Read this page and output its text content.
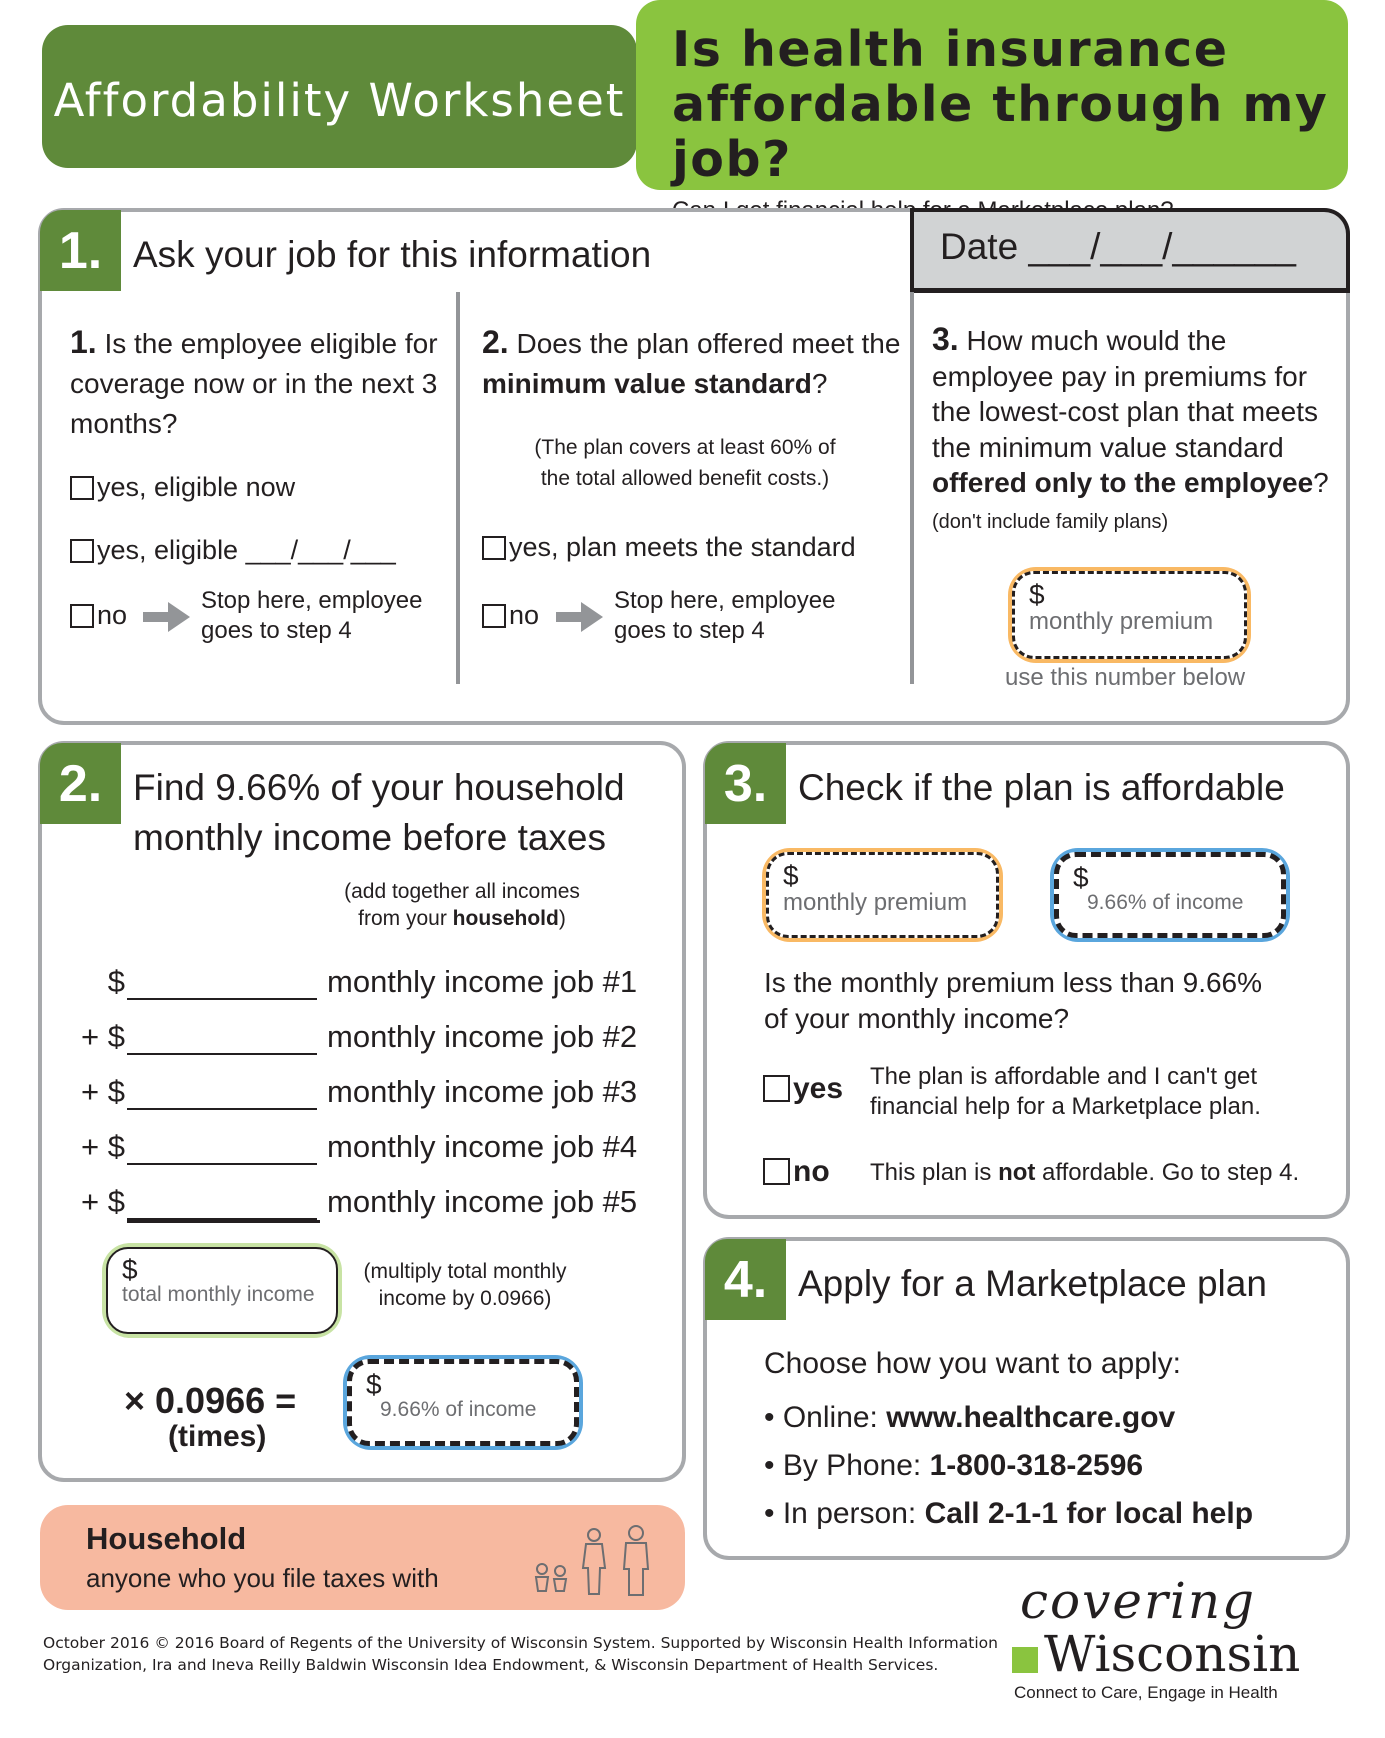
Affordability Worksheet
Is health insurance
affordable through my job?
1. Ask your job for this information	Date ___/___/______
1. Is the employee eligible for coverage now or in the next 3 months?
yes, eligible now
yes, eligible ___/___/___
no	Stop here, employee
goes to step 4
2. Does the plan offered meet the minimum value standard?
(The plan covers at least 60% of
the total allowed benefit costs.)
yes, plan meets the standard
no	Stop here, employee
goes to step 4
3. How much would the employee pay in premiums for the lowest-cost plan that meets the minimum value standard offered only to the employee? (don't include family plans)
$
monthly premium
use this number below
2. Find 9.66% of your household
monthly income before taxes
(add together all incomes
from your household)
$	monthly income job #1
+ $	monthly income job #2
+ $	monthly income job #3
+ $	monthly income job #4
+ $	monthly income job #5
$
total monthly income
(multiply total monthly
income by 0.0966)
× 0.0966 =
(times)
$
9.66% of income
Household
anyone who you file taxes with
3. Check if the plan is affordable
$
monthly premium
$
9.66% of income
Is the monthly premium less than 9.66%
of your monthly income?
yes The plan is affordable and I can't get
financial help for a Marketplace plan.
no This plan is not affordable. Go to step 4.
4. Apply for a Marketplace plan
Choose how you want to apply:
• Online: www.healthcare.gov
• By Phone: 1-800-318-2596
• In person: Call 2-1-1 for local help
October 2016 © 2016 Board of Regents of the University of Wisconsin System. Supported by Wisconsin Health Information
Organization, Ira and Ineva Reilly Baldwin Wisconsin Idea Endowment, & Wisconsin Department of Health Services.
covering
Wisconsin
Connect to Care, Engage in Health
